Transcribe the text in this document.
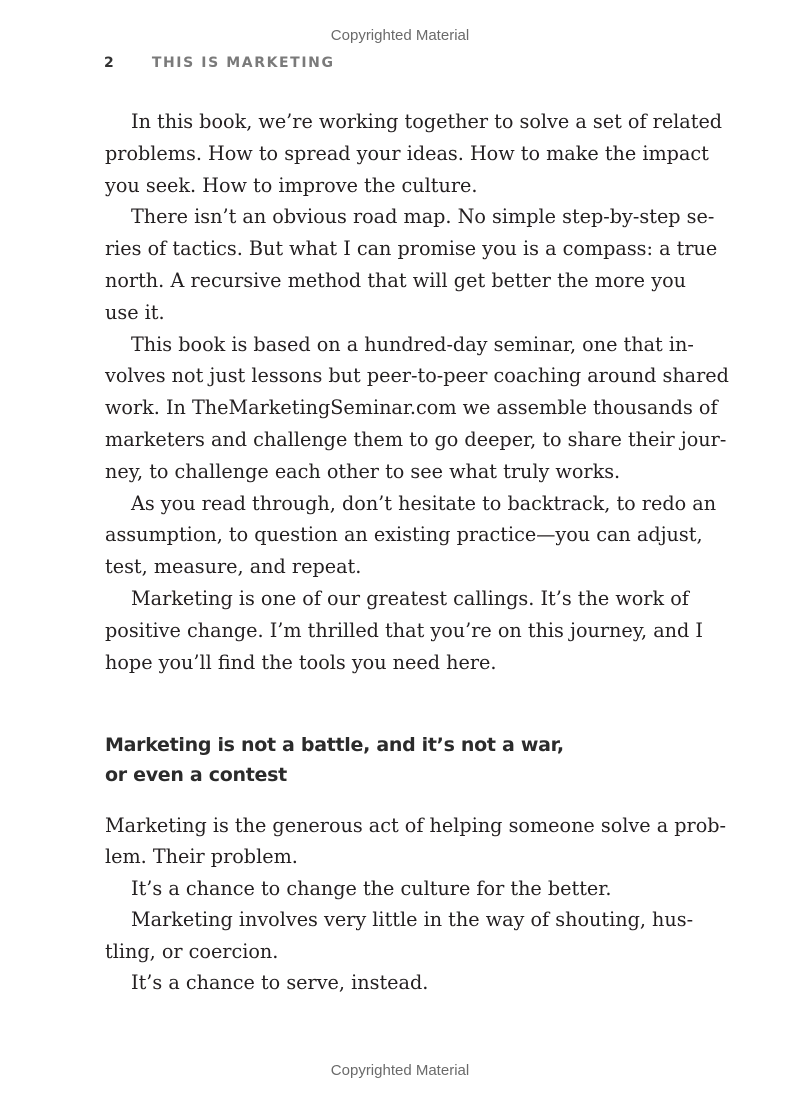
Copyrighted Material
2	THIS IS MARKETING
In this book, we’re working together to solve a set of related
problems. How to spread your ideas. How to make the impact
you seek. How to improve the culture.
There isn’t an obvious road map. No simple step-by-step se-
ries of tactics. But what I can promise you is a compass: a true
north. A recursive method that will get better the more you
use it.
This book is based on a hundred-day seminar, one that in-
volves not just lessons but peer-to-peer coaching around shared
work. In TheMarketingSeminar.com we assemble thousands of
marketers and challenge them to go deeper, to share their jour-
ney, to challenge each other to see what truly works.
As you read through, don’t hesitate to backtrack, to redo an
assumption, to question an existing practice—you can adjust,
test, measure, and repeat.
Marketing is one of our greatest callings. It’s the work of
positive change. I’m thrilled that you’re on this journey, and I
hope you’ll find the tools you need here.
Marketing is not a battle, and it’s not a war,
or even a contest
Marketing is the generous act of helping someone solve a prob-
lem. Their problem.
It’s a chance to change the culture for the better.
Marketing involves very little in the way of shouting, hus-
tling, or coercion.
It’s a chance to serve, instead.
Copyrighted Material
